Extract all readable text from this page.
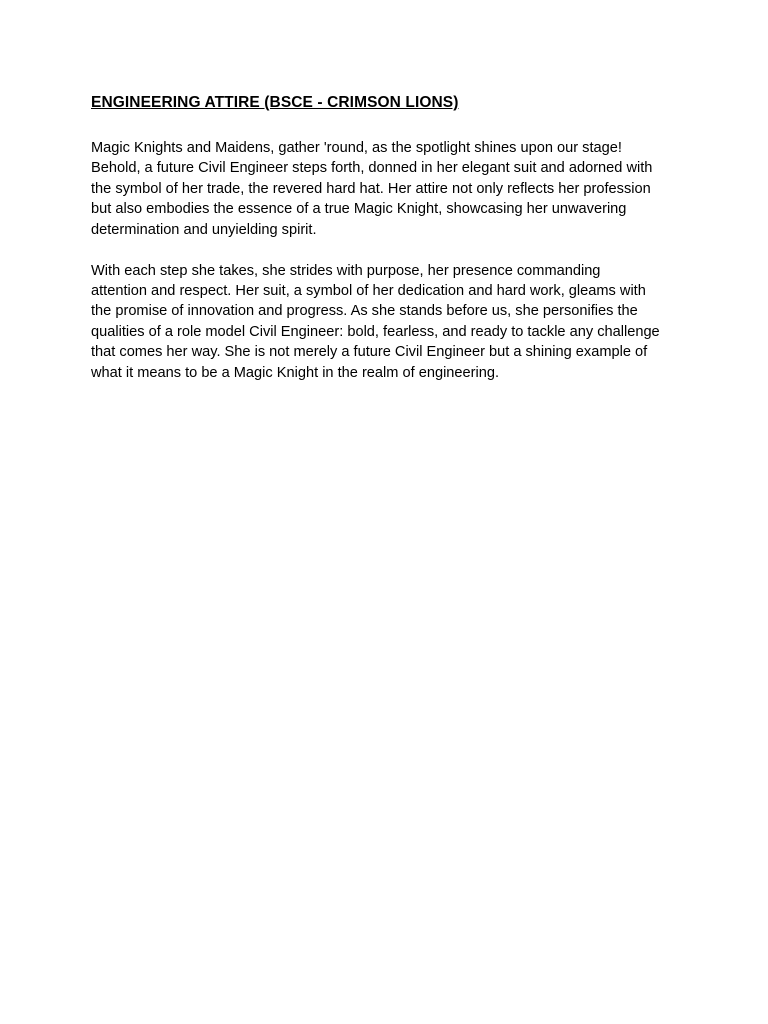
ENGINEERING ATTIRE (BSCE - CRIMSON LIONS)

Magic Knights and Maidens, gather 'round, as the spotlight shines upon our stage!
Behold, a future Civil Engineer steps forth, donned in her elegant suit and adorned with
the symbol of her trade, the revered hard hat. Her attire not only reflects her profession
but also embodies the essence of a true Magic Knight, showcasing her unwavering
determination and unyielding spirit.

With each step she takes, she strides with purpose, her presence commanding
attention and respect. Her suit, a symbol of her dedication and hard work, gleams with
the promise of innovation and progress. As she stands before us, she personifies the
qualities of a role model Civil Engineer: bold, fearless, and ready to tackle any challenge
that comes her way. She is not merely a future Civil Engineer but a shining example of
what it means to be a Magic Knight in the realm of engineering.
